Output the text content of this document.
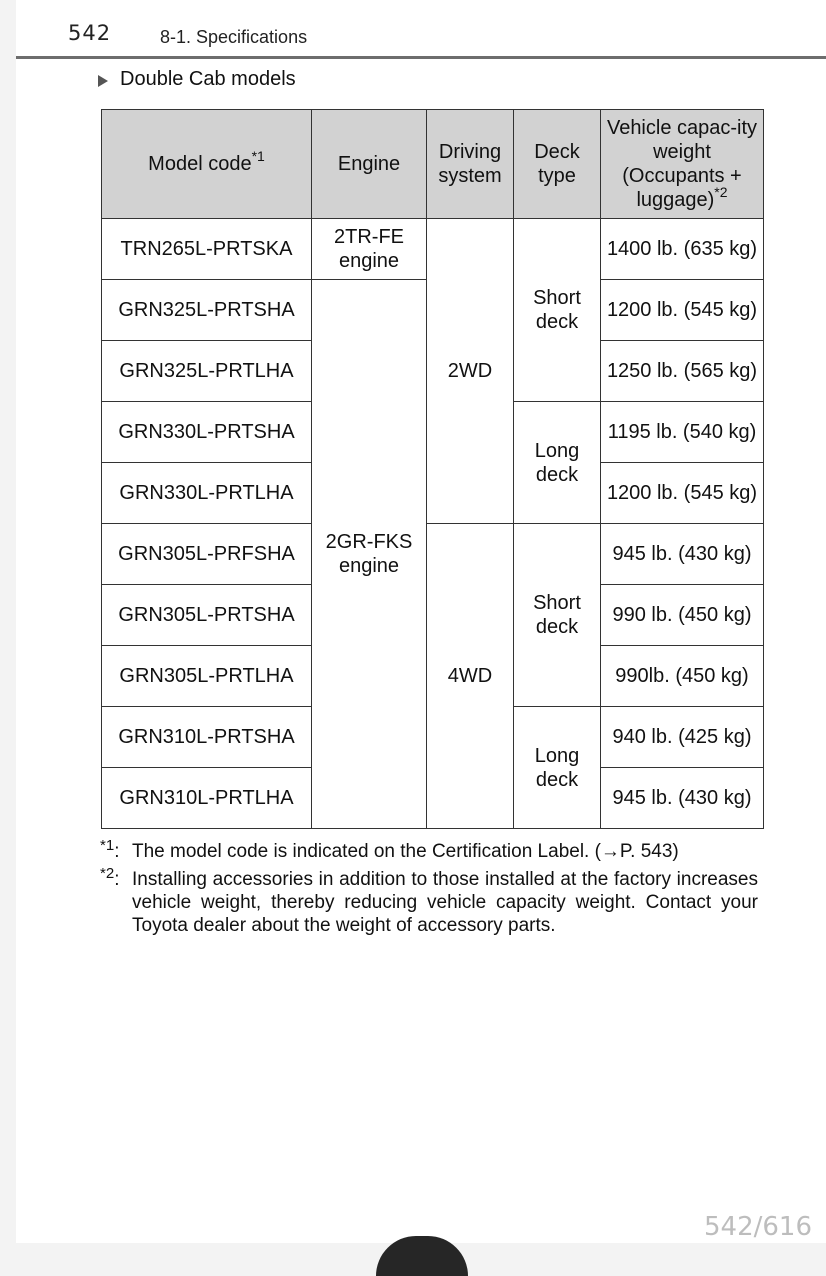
542	8-1. Specifications
Double Cab models
Model code$^{*1}$	Engine	Driving system	Deck type	Vehicle capac-ity weight (Occupants + luggage)$^{*2}$
TRN265L-PRTSKA	2TR-FE engine	2WD	Short deck	1400 lb. (635 kg)
GRN325L-PRTSHA	2GR-FKS engine			1200 lb. (545 kg)
GRN325L-PRTLHA				1250 lb. (565 kg)
GRN330L-PRTSHA			Long deck	1195 lb. (540 kg)
GRN330L-PRTLHA				1200 lb. (545 kg)
GRN305L-PRFSHA		4WD	Short deck	945 lb. (430 kg)
GRN305L-PRTSHA				990 lb. (450 kg)
GRN305L-PRTLHA				990lb. (450 kg)
GRN310L-PRTSHA			Long deck	940 lb. (425 kg)
GRN310L-PRTLHA				945 lb. (430 kg)
$^{*1}$: The model code is indicated on the Certification Label. (→P. 543)
$^{*2}$: Installing accessories in addition to those installed at the factory increases vehicle weight, thereby reducing vehicle capacity weight. Contact your Toyota dealer about the weight of accessory parts.
542/616
